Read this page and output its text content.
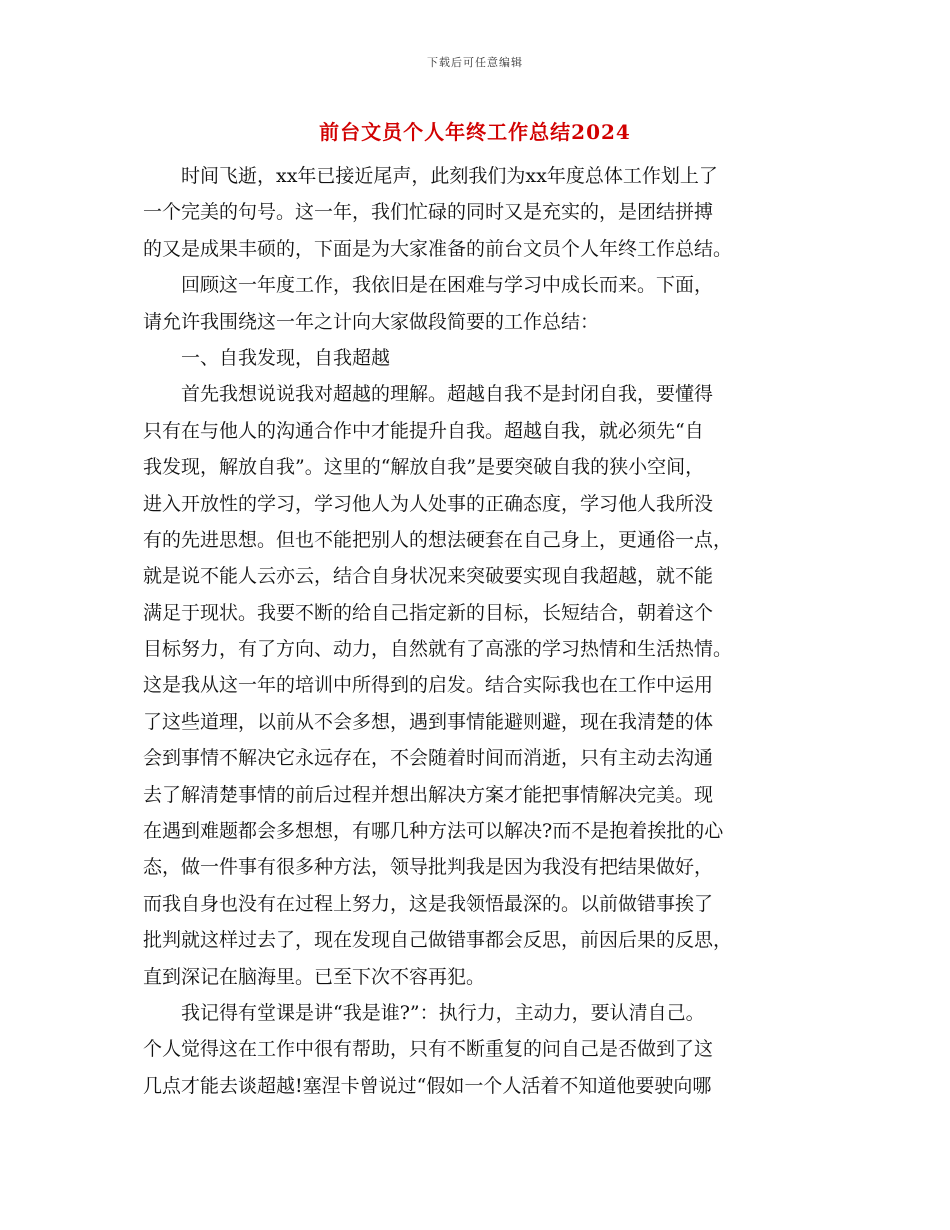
下载后可任意编辑
前台文员个人年终工作总结2024
　　时间飞逝，xx年已接近尾声，此刻我们为xx年度总体工作划上了
一个完美的句号。这一年，我们忙碌的同时又是充实的，是团结拼搏
的又是成果丰硕的，下面是为大家准备的前台文员个人年终工作总结。
　　回顾这一年度工作，我依旧是在困难与学习中成长而来。下面，
请允许我围绕这一年之计向大家做段简要的工作总结：
　　一、自我发现，自我超越
　　首先我想说说我对超越的理解。超越自我不是封闭自我，要懂得
只有在与他人的沟通合作中才能提升自我。超越自我，就必须先“自
我发现，解放自我”。这里的“解放自我”是要突破自我的狭小空间，
进入开放性的学习，学习他人为人处事的正确态度，学习他人我所没
有的先进思想。但也不能把别人的想法硬套在自己身上，更通俗一点，
就是说不能人云亦云，结合自身状况来突破要实现自我超越，就不能
满足于现状。我要不断的给自己指定新的目标，长短结合，朝着这个
目标努力，有了方向、动力，自然就有了高涨的学习热情和生活热情。
这是我从这一年的培训中所得到的启发。结合实际我也在工作中运用
了这些道理，以前从不会多想，遇到事情能避则避，现在我清楚的体
会到事情不解决它永远存在，不会随着时间而消逝，只有主动去沟通
去了解清楚事情的前后过程并想出解决方案才能把事情解决完美。现
在遇到难题都会多想想，有哪几种方法可以解决?而不是抱着挨批的心
态，做一件事有很多种方法，领导批判我是因为我没有把结果做好，
而我自身也没有在过程上努力，这是我领悟最深的。以前做错事挨了
批判就这样过去了，现在发现自己做错事都会反思，前因后果的反思，
直到深记在脑海里。已至下次不容再犯。
　　我记得有堂课是讲“我是谁?”：执行力，主动力，要认清自己。
个人觉得这在工作中很有帮助，只有不断重复的问自己是否做到了这
几点才能去谈超越!塞涅卡曾说过“假如一个人活着不知道他要驶向哪
